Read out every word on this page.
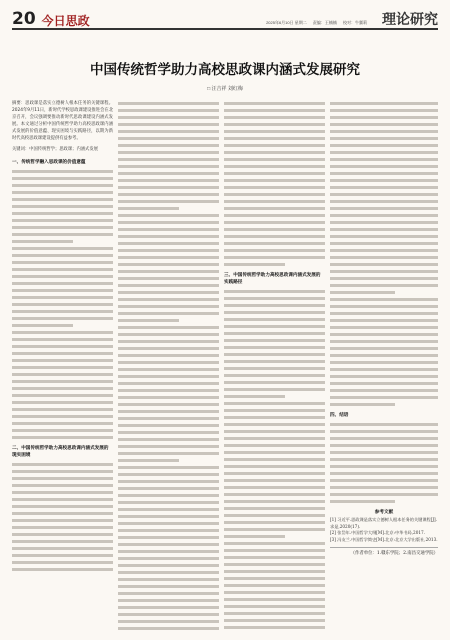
20 今日思政	2025年6月10日 星期二 责编：王楠楠 校对：牛翼莉	理论研究
中国传统哲学助力高校思政课内涵式发展研究
□ 汪吉祥 刘红梅

摘要：思政课是落实立德树人根本任务的关键课程。2024年9月11日，新时代学校思政课建设推进会在北京召开，会议强调要推动新时代思政课建设内涵式发展。本文通过分析中国传统哲学助力高校思政课内涵式发展的价值意蕴、现实困境与实践路径，以期为新时代高校思政课建设提供有益参考。

关键词：中国传统哲学；思政课；内涵式发展

一、传统哲学融入思政课的价值意蕴
二、中国传统哲学助力高校思政课内涵式发展的现实困境
三、中国传统哲学助力高校思政课内涵式发展的实践路径
四、结语
参考文献

[1] 习近平.思政课是落实立德树人根本任务的关键课程[J].求是,2020(17).

[2] 张岱年.中国哲学大纲[M].北京:中华书局,2017.

[3] 冯友兰.中国哲学简史[M].北京:北京大学出版社,2013.

（作者单位：1.赣东学院；2.南昌交通学院）
